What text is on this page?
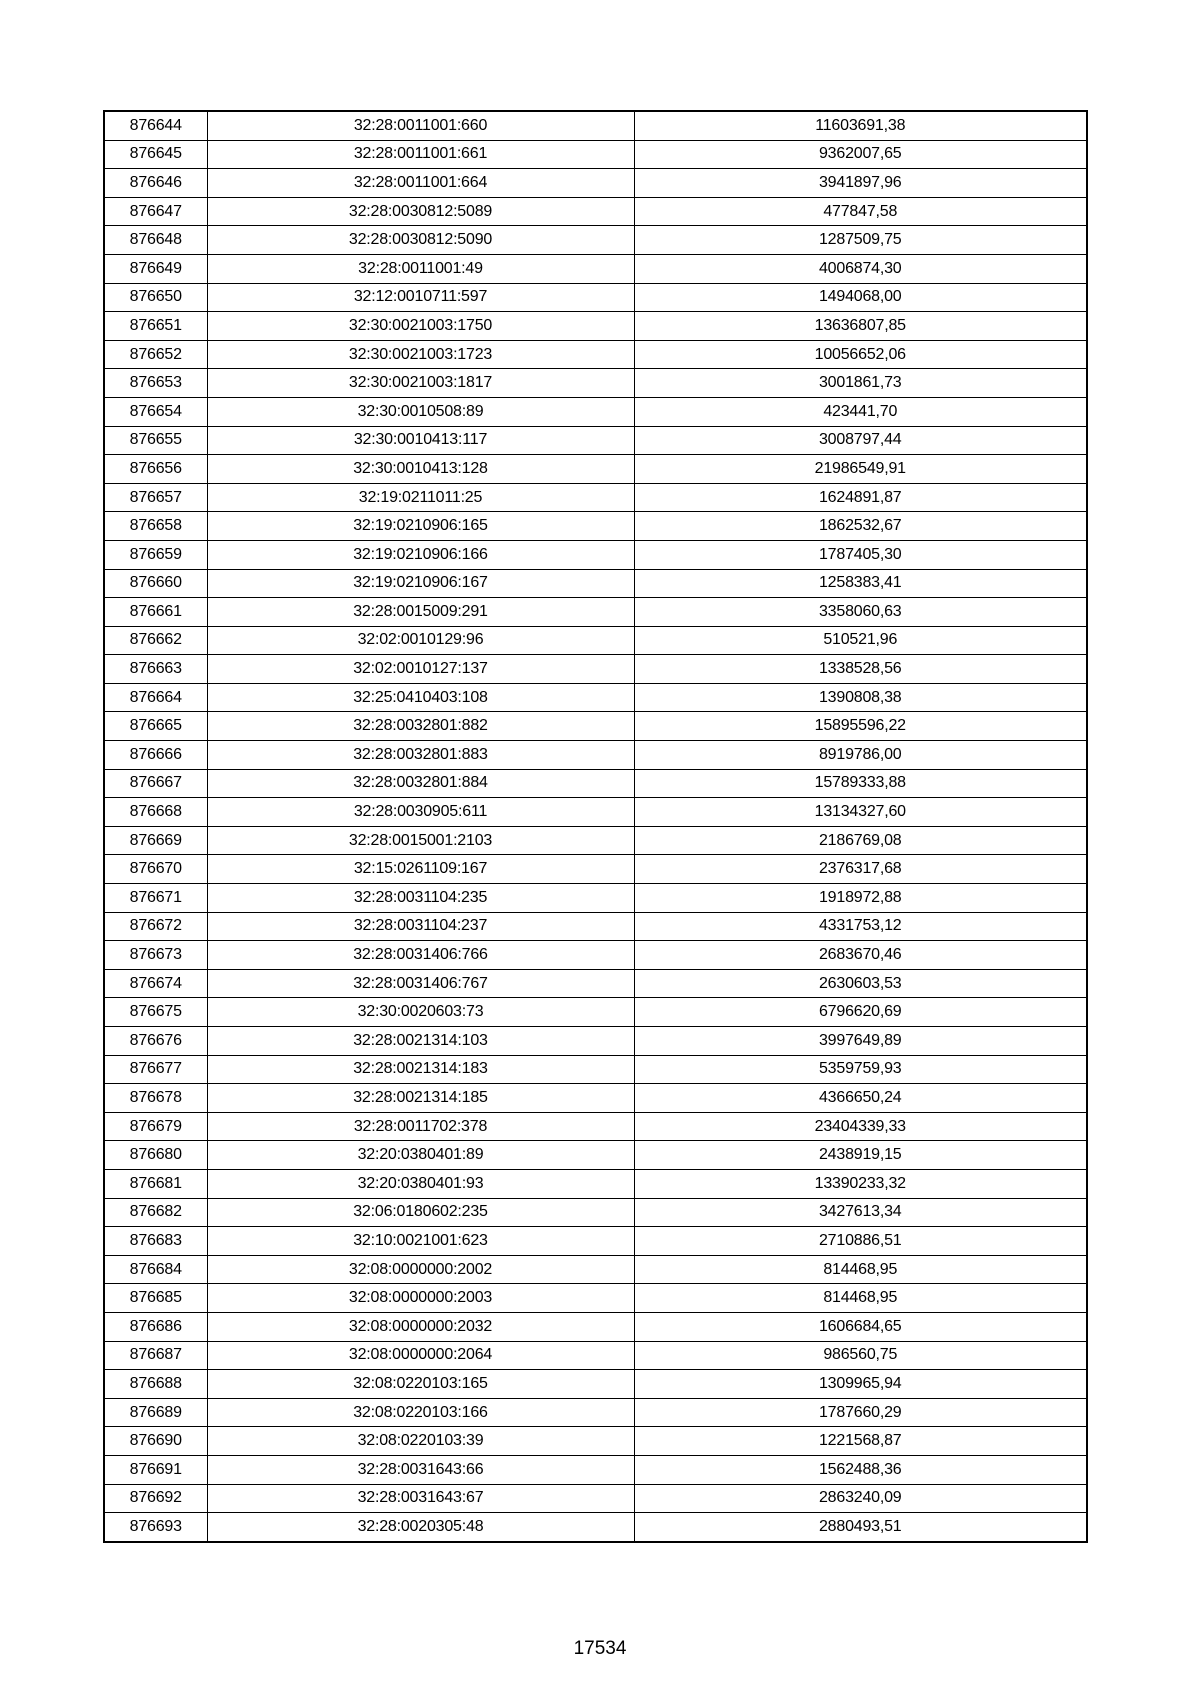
876644	32:28:0011001:660	11603691,38
876645	32:28:0011001:661	9362007,65
876646	32:28:0011001:664	3941897,96
876647	32:28:0030812:5089	477847,58
876648	32:28:0030812:5090	1287509,75
876649	32:28:0011001:49	4006874,30
876650	32:12:0010711:597	1494068,00
876651	32:30:0021003:1750	13636807,85
876652	32:30:0021003:1723	10056652,06
876653	32:30:0021003:1817	3001861,73
876654	32:30:0010508:89	423441,70
876655	32:30:0010413:117	3008797,44
876656	32:30:0010413:128	21986549,91
876657	32:19:0211011:25	1624891,87
876658	32:19:0210906:165	1862532,67
876659	32:19:0210906:166	1787405,30
876660	32:19:0210906:167	1258383,41
876661	32:28:0015009:291	3358060,63
876662	32:02:0010129:96	510521,96
876663	32:02:0010127:137	1338528,56
876664	32:25:0410403:108	1390808,38
876665	32:28:0032801:882	15895596,22
876666	32:28:0032801:883	8919786,00
876667	32:28:0032801:884	15789333,88
876668	32:28:0030905:611	13134327,60
876669	32:28:0015001:2103	2186769,08
876670	32:15:0261109:167	2376317,68
876671	32:28:0031104:235	1918972,88
876672	32:28:0031104:237	4331753,12
876673	32:28:0031406:766	2683670,46
876674	32:28:0031406:767	2630603,53
876675	32:30:0020603:73	6796620,69
876676	32:28:0021314:103	3997649,89
876677	32:28:0021314:183	5359759,93
876678	32:28:0021314:185	4366650,24
876679	32:28:0011702:378	23404339,33
876680	32:20:0380401:89	2438919,15
876681	32:20:0380401:93	13390233,32
876682	32:06:0180602:235	3427613,34
876683	32:10:0021001:623	2710886,51
876684	32:08:0000000:2002	814468,95
876685	32:08:0000000:2003	814468,95
876686	32:08:0000000:2032	1606684,65
876687	32:08:0000000:2064	986560,75
876688	32:08:0220103:165	1309965,94
876689	32:08:0220103:166	1787660,29
876690	32:08:0220103:39	1221568,87
876691	32:28:0031643:66	1562488,36
876692	32:28:0031643:67	2863240,09
876693	32:28:0020305:48	2880493,51
17534
